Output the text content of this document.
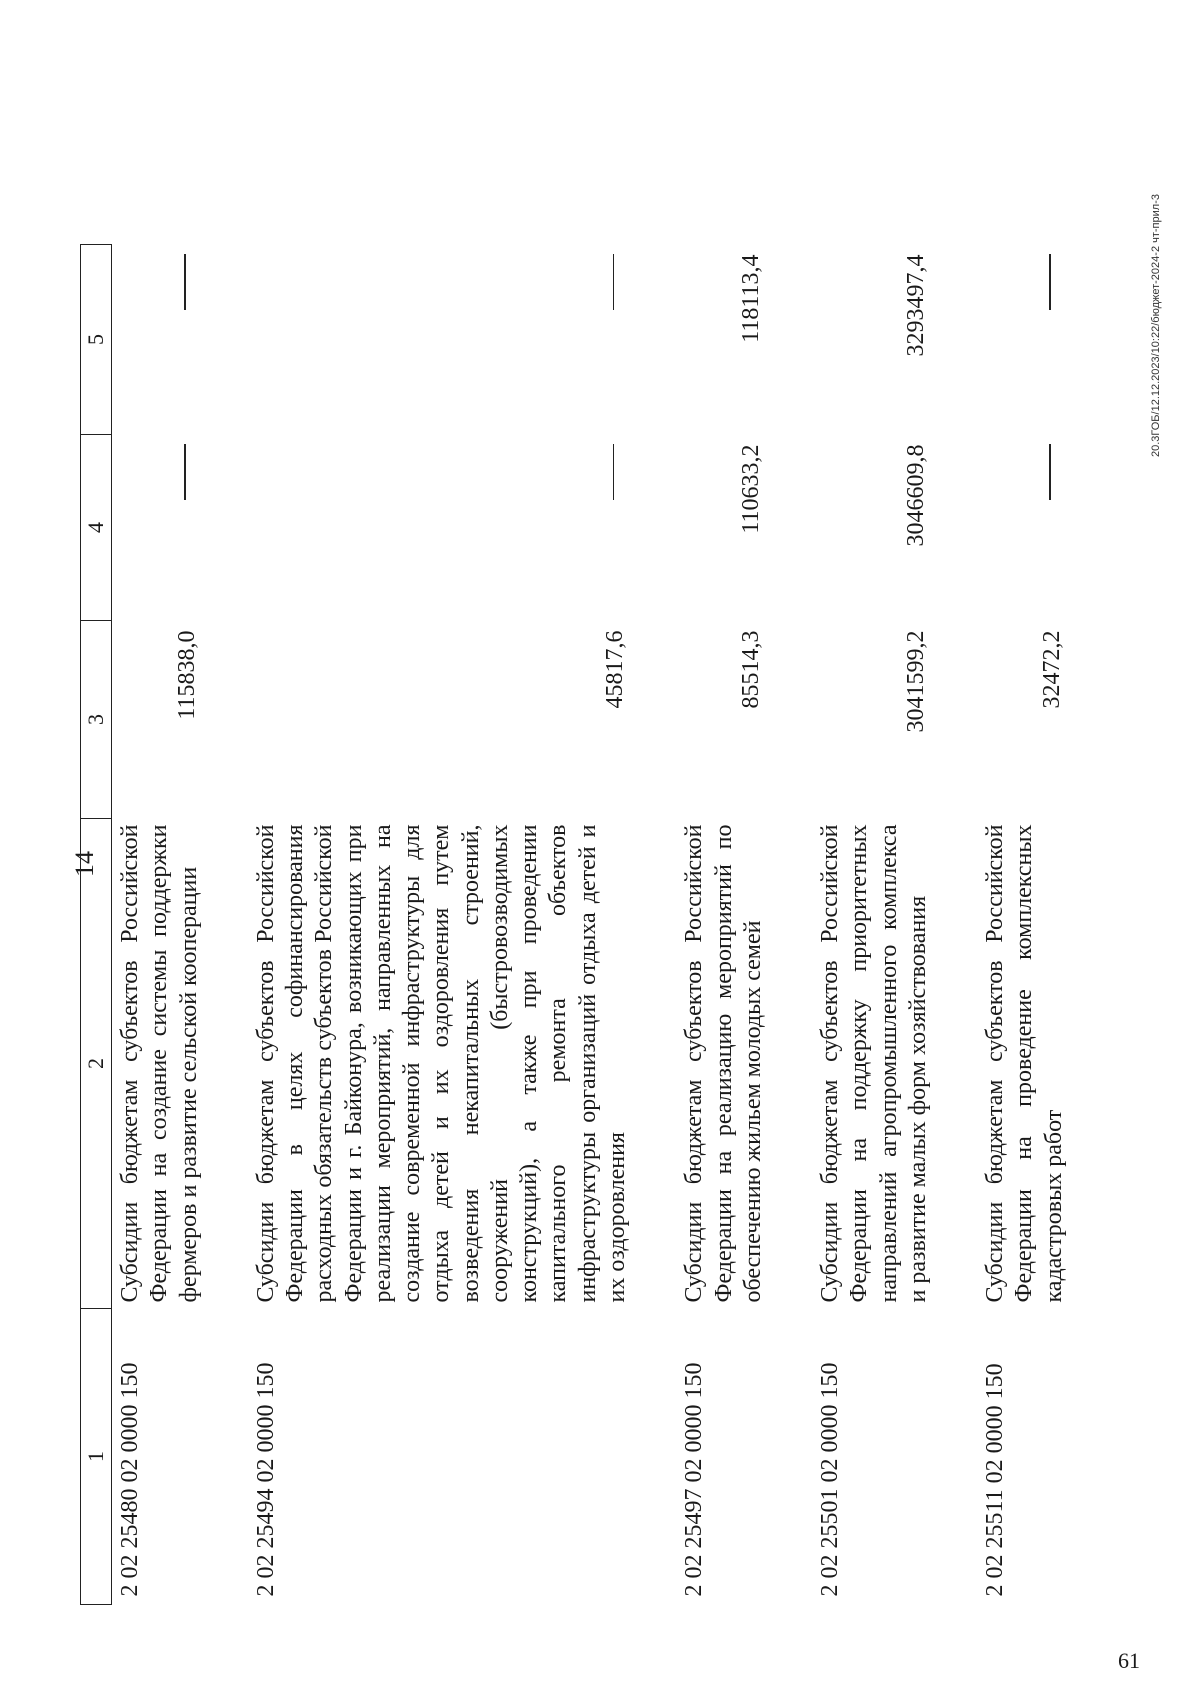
14
1	2	3	4	5
2 02 25480 02 0000 150	Субсидии бюджетам субъектов Российской Федерации на создание системы поддержки фермеров и развитие сельской кооперации	115838,0		

2 02 25494 02 0000 150	Субсидии бюджетам субъектов Российской Федерации в целях софинансирования расходных обязательств субъектов Российской Федерации и г. Байконура, возникающих при реализации мероприятий, направленных на создание современной инфраструктуры для отдыха детей и их оздоровления путем возведения некапитальных строений, сооружений (быстровозводимых конструкций), а также при проведении капитального ремонта объектов инфраструктуры организаций отдыха детей и их оздоровления	45817,6		

2 02 25497 02 0000 150	Субсидии бюджетам субъектов Российской Федерации на реализацию мероприятий по обеспечению жильем молодых семей	85514,3	110633,2	118113,4

2 02 25501 02 0000 150	Субсидии бюджетам субъектов Российской Федерации на поддержку приоритетных направлений агропромышленного комплекса и развитие малых форм хозяйствования	3041599,2	3046609,8	3293497,4

2 02 25511 02 0000 150	Субсидии бюджетам субъектов Российской Федерации на проведение комплексных кадастровых работ	32472,2		
20.3ГОБ/12.12.2023/10:22/бюджет-2024-2 чт-прил-3
61
